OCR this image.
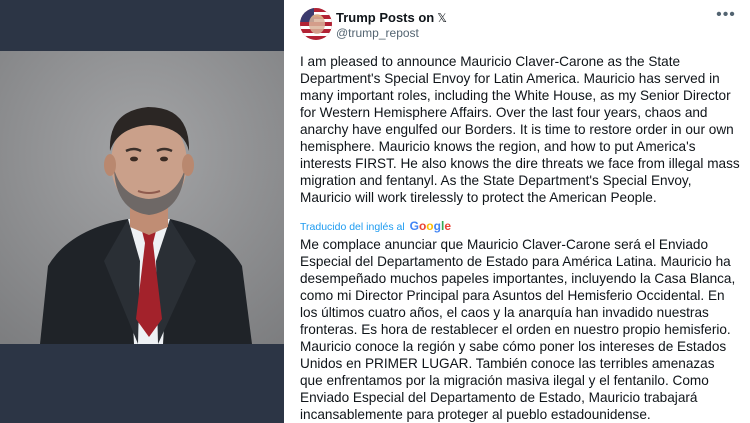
Trump Posts on 𝕏
@trump_repost
•••
I am pleased to announce Mauricio Claver-Carone as the State Department's Special Envoy for Latin America. Mauricio has served in many important roles, including the White House, as my Senior Director for Western Hemisphere Affairs. Over the last four years, chaos and anarchy have engulfed our Borders. It is time to restore order in our own hemisphere. Mauricio knows the region, and how to put America's interests FIRST. He also knows the dire threats we face from illegal mass migration and fentanyl. As the State Department's Special Envoy, Mauricio will work tirelessly to protect the American People.
Traducido del inglés al Google
Me complace anunciar que Mauricio Claver-Carone será el Enviado Especial del Departamento de Estado para América Latina. Mauricio ha desempeñado muchos papeles importantes, incluyendo la Casa Blanca, como mi Director Principal para Asuntos del Hemisferio Occidental. En los últimos cuatro años, el caos y la anarquía han invadido nuestras fronteras. Es hora de restablecer el orden en nuestro propio hemisferio. Mauricio conoce la región y sabe cómo poner los intereses de Estados Unidos en PRIMER LUGAR. También conoce las terribles amenazas que enfrentamos por la migración masiva ilegal y el fentanilo. Como Enviado Especial del Departamento de Estado, Mauricio trabajará incansablemente para proteger al pueblo estadounidense.
